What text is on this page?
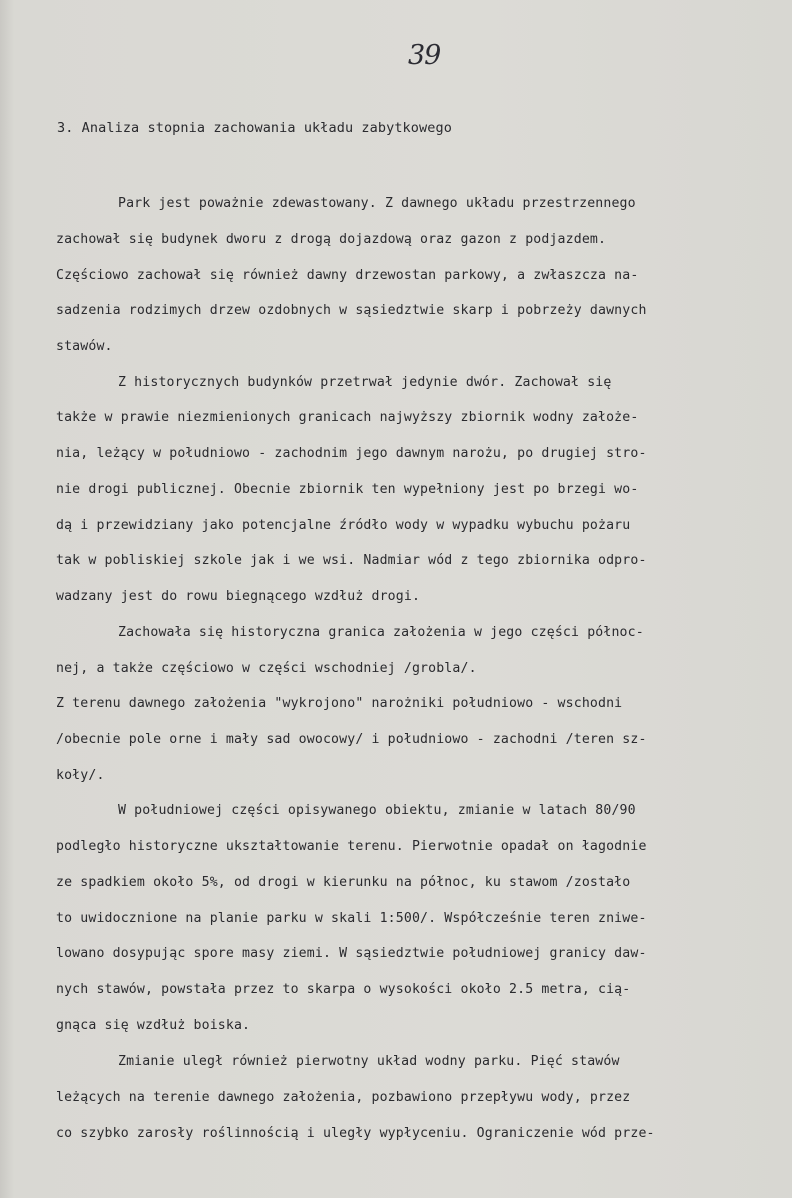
39
3. Analiza stopnia zachowania układu zabytkowego
Park jest poważnie zdewastowany. Z dawnego układu przestrzennego
zachował się budynek dworu z drogą dojazdową oraz gazon z podjazdem.
Częściowo zachował się również dawny drzewostan parkowy, a zwłaszcza na-
sadzenia rodzimych drzew ozdobnych w sąsiedztwie skarp i pobrzeży dawnych
stawów.
Z historycznych budynków przetrwał jedynie dwór. Zachował się
także w prawie niezmienionych granicach najwyższy zbiornik wodny założe-
nia, leżący w południowo - zachodnim jego dawnym narożu, po drugiej stro-
nie drogi publicznej. Obecnie zbiornik ten wypełniony jest po brzegi wo-
dą i przewidziany jako potencjalne źródło wody w wypadku wybuchu pożaru
tak w pobliskiej szkole jak i we wsi. Nadmiar wód z tego zbiornika odpro-
wadzany jest do rowu biegnącego wzdłuż drogi.
Zachowała się historyczna granica założenia w jego części północ-
nej, a także częściowo w części wschodniej /grobla/.
Z terenu dawnego założenia "wykrojono" narożniki południowo - wschodni
/obecnie pole orne i mały sad owocowy/ i południowo - zachodni /teren sz-
koły/.
W południowej części opisywanego obiektu, zmianie w latach 80/90
podległo historyczne ukształtowanie terenu. Pierwotnie opadał on łagodnie
ze spadkiem około 5%, od drogi w kierunku na północ, ku stawom /zostało
to uwidocznione na planie parku w skali 1:500/. Współcześnie teren zniwe-
lowano dosypując spore masy ziemi. W sąsiedztwie południowej granicy daw-
nych stawów, powstała przez to skarpa o wysokości około 2.5 metra, cią-
gnąca się wzdłuż boiska.
Zmianie uległ również pierwotny układ wodny parku. Pięć stawów
leżących na terenie dawnego założenia, pozbawiono przepływu wody, przez
co szybko zarosły roślinnością i uległy wypłyceniu. Ograniczenie wód prze-
